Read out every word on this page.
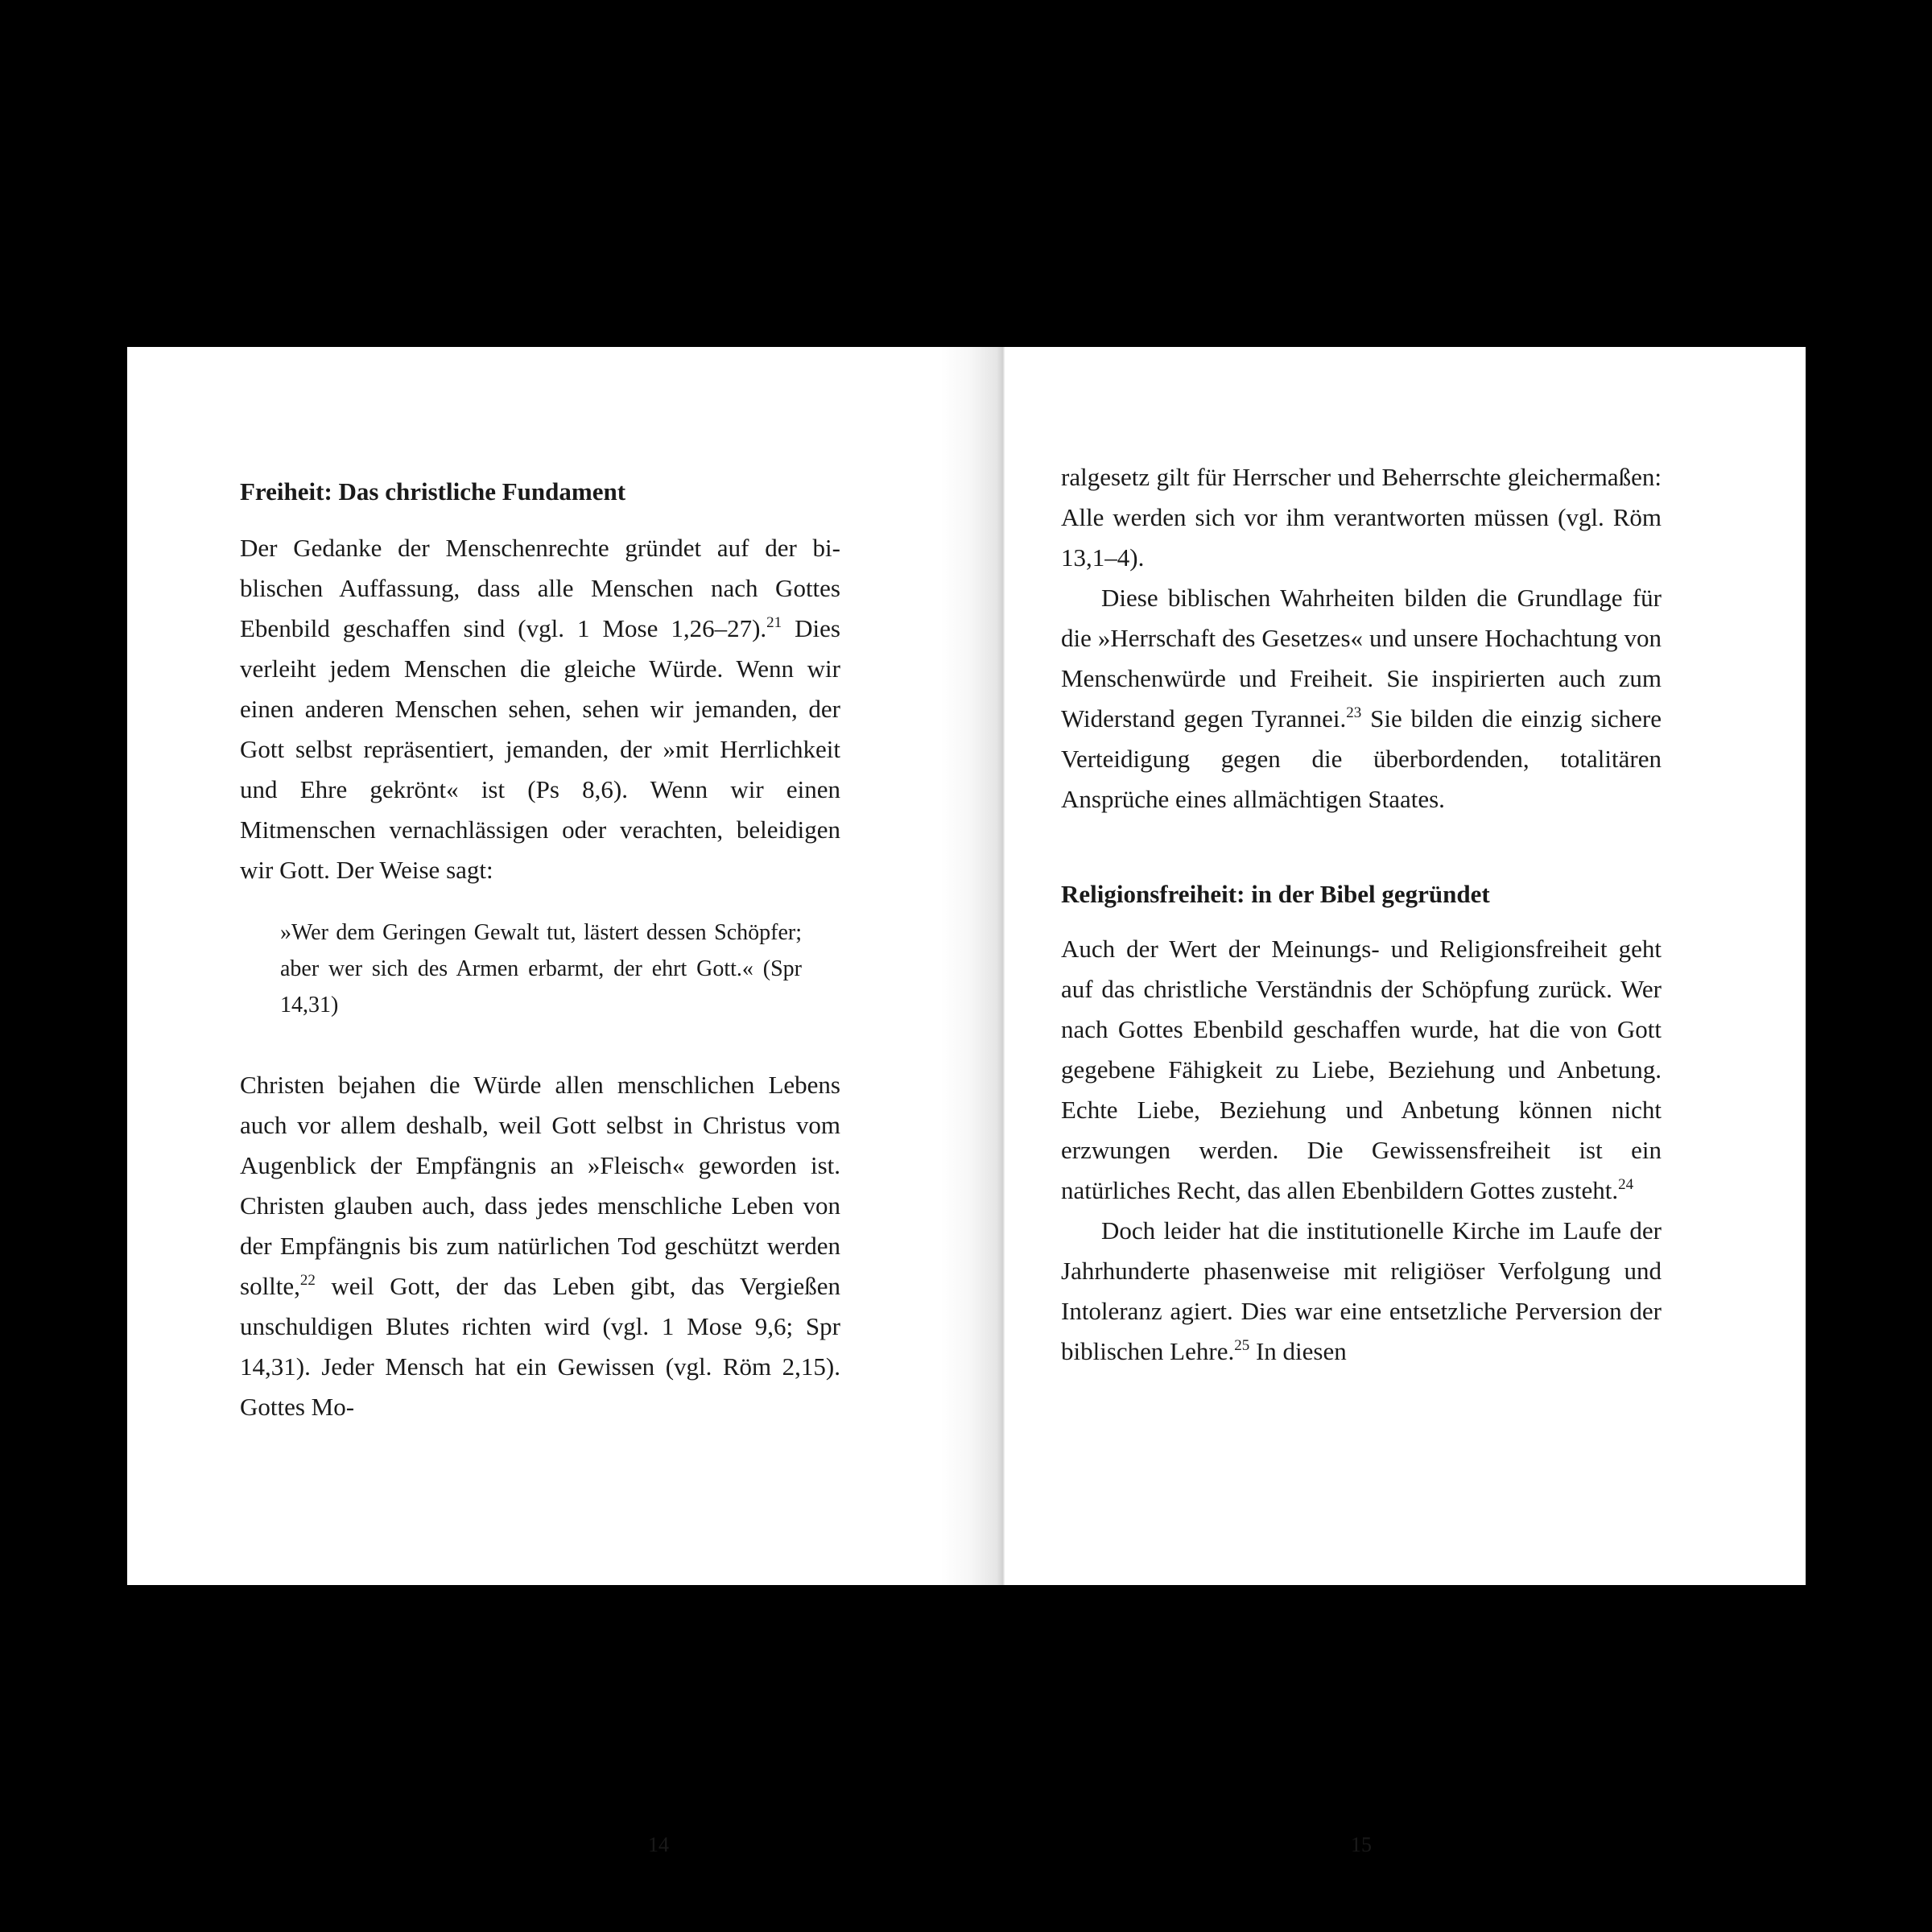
Freiheit: Das christliche Fundament

Der Gedanke der Menschenrechte gründet auf der biblischen Auffassung, dass alle Menschen nach Gottes Ebenbild geschaffen sind (vgl. 1 Mose 1,26–27).$^{21}$ Dies verleiht jedem Menschen die gleiche Würde. Wenn wir einen anderen Menschen sehen, sehen wir jemanden, der Gott selbst repräsentiert, jemanden, der »mit Herrlichkeit und Ehre gekrönt« ist (Ps 8,6). Wenn wir einen Mitmenschen vernachlässigen oder verachten, beleidigen wir Gott. Der Weise sagt:

»Wer dem Geringen Gewalt tut, lästert dessen Schöpfer; aber wer sich des Armen erbarmt, der ehrt Gott.« (Spr 14,31)

Christen bejahen die Würde allen menschlichen Lebens auch vor allem deshalb, weil Gott selbst in Christus vom Augenblick der Empfängnis an »Fleisch« geworden ist. Christen glauben auch, dass jedes menschliche Leben von der Empfängnis bis zum natürlichen Tod geschützt werden sollte,$^{22}$ weil Gott, der das Leben gibt, das Vergießen unschuldigen Blutes richten wird (vgl. 1 Mose 9,6; Spr 14,31). Jeder Mensch hat ein Gewissen (vgl. Röm 2,15). Gottes Mo-

14

ralgesetz gilt für Herrscher und Beherrschte gleichermaßen: Alle werden sich vor ihm verantworten müssen (vgl. Röm 13,1–4).

Diese biblischen Wahrheiten bilden die Grundlage für die »Herrschaft des Gesetzes« und unsere Hochachtung von Menschenwürde und Freiheit. Sie inspirierten auch zum Widerstand gegen Tyrannei.$^{23}$ Sie bilden die einzig sichere Verteidigung gegen die überbordenden, totalitären Ansprüche eines allmächtigen Staates.

Religionsfreiheit: in der Bibel gegründet

Auch der Wert der Meinungs- und Religionsfreiheit geht auf das christliche Verständnis der Schöpfung zurück. Wer nach Gottes Ebenbild geschaffen wurde, hat die von Gott gegebene Fähigkeit zu Liebe, Beziehung und Anbetung. Echte Liebe, Beziehung und Anbetung können nicht erzwungen werden. Die Gewissensfreiheit ist ein natürliches Recht, das allen Ebenbildern Gottes zusteht.$^{24}$

Doch leider hat die institutionelle Kirche im Laufe der Jahrhunderte phasenweise mit religiöser Verfolgung und Intoleranz agiert. Dies war eine entsetzliche Perversion der biblischen Lehre.$^{25}$ In diesen

15
